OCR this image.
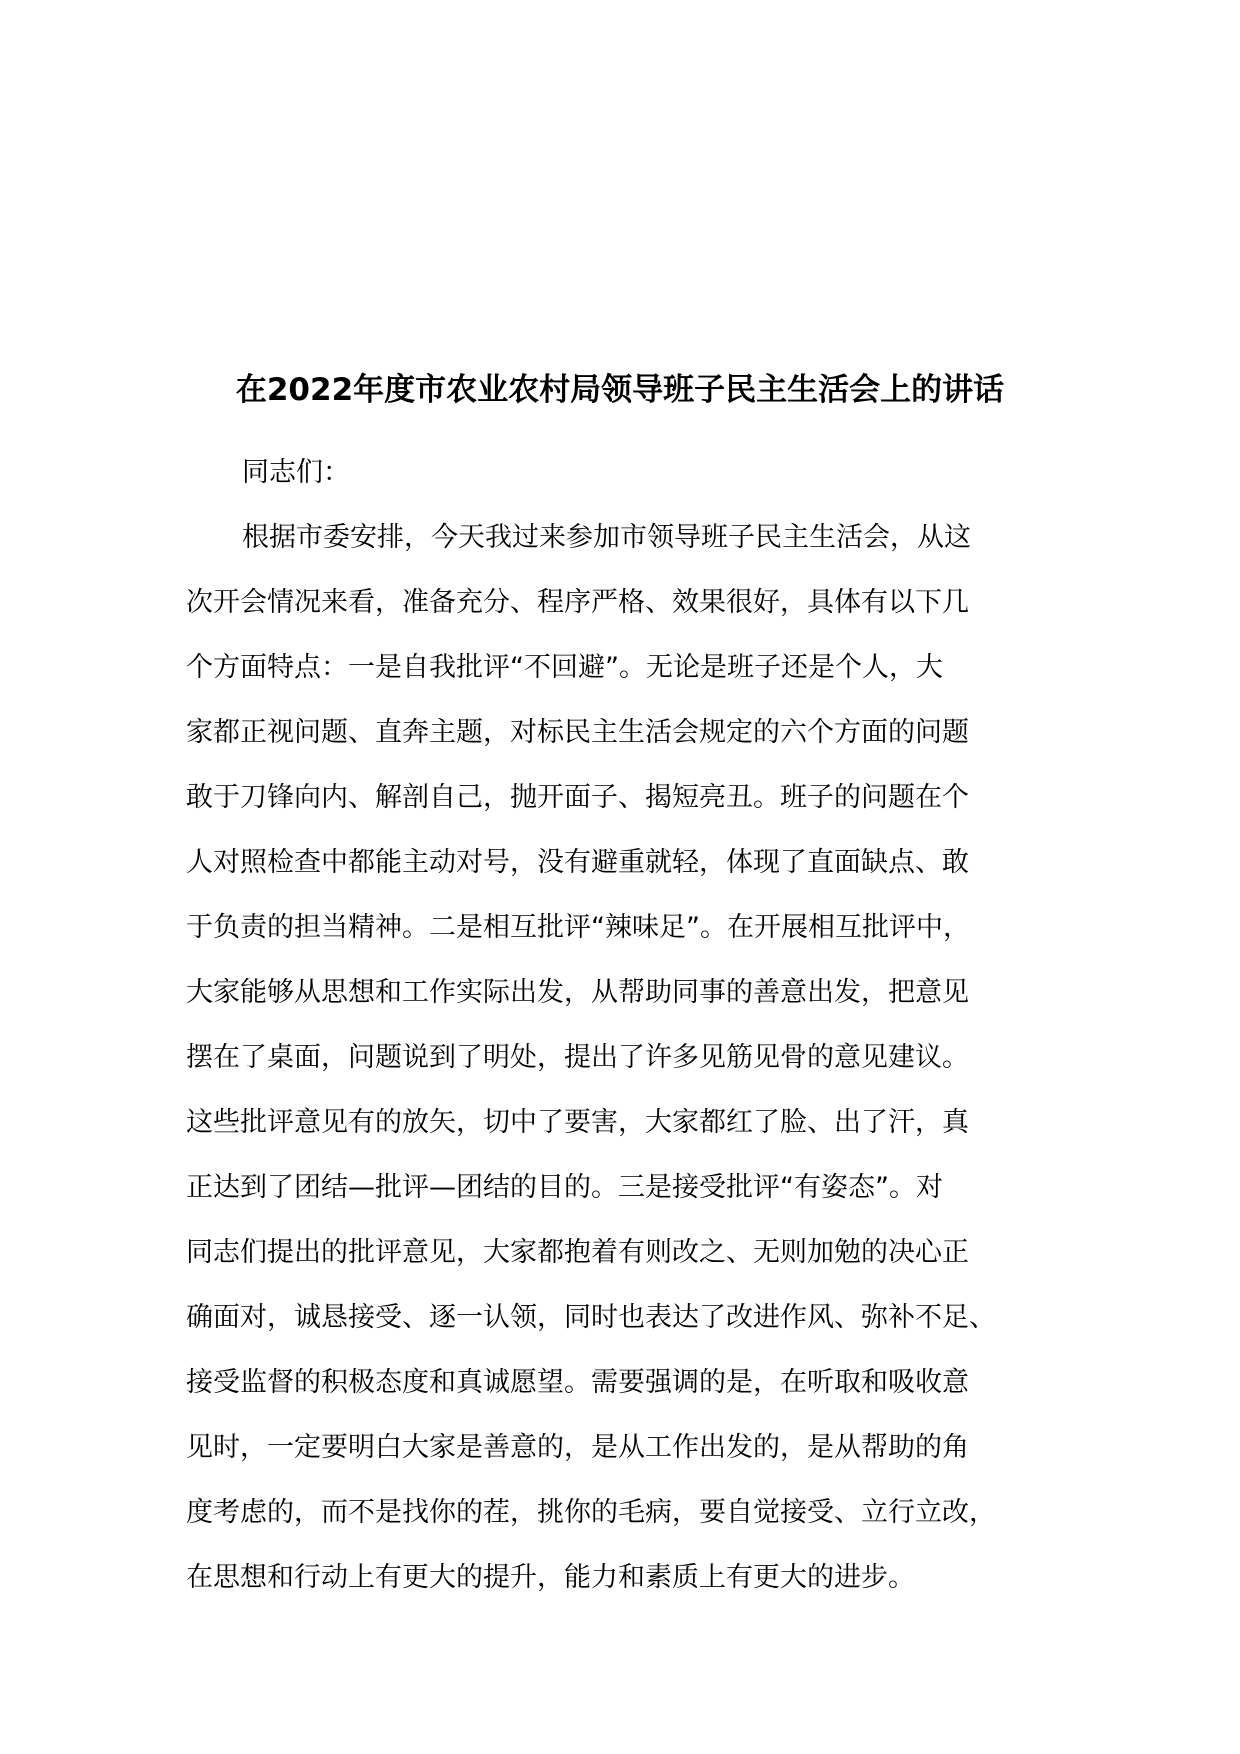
在2022年度市农业农村局领导班子民主生活会上的讲话
同志们：
根据市委安排，今天我过来参加市领导班子民主生活会，从这
次开会情况来看，准备充分、程序严格、效果很好，具体有以下几
个方面特点：一是自我批评“不回避”。无论是班子还是个人，大
家都正视问题、直奔主题，对标民主生活会规定的六个方面的问题
敢于刀锋向内、解剖自己，抛开面子、揭短亮丑。班子的问题在个
人对照检查中都能主动对号，没有避重就轻，体现了直面缺点、敢
于负责的担当精神。二是相互批评“辣味足”。在开展相互批评中，
大家能够从思想和工作实际出发，从帮助同事的善意出发，把意见
摆在了桌面，问题说到了明处，提出了许多见筋见骨的意见建议。
这些批评意见有的放矢，切中了要害，大家都红了脸、出了汗，真
正达到了团结—批评—团结的目的。三是接受批评“有姿态”。对
同志们提出的批评意见，大家都抱着有则改之、无则加勉的决心正
确面对，诚恳接受、逐一认领，同时也表达了改进作风、弥补不足、
接受监督的积极态度和真诚愿望。需要强调的是，在听取和吸收意
见时，一定要明白大家是善意的，是从工作出发的，是从帮助的角
度考虑的，而不是找你的茬，挑你的毛病，要自觉接受、立行立改，
在思想和行动上有更大的提升，能力和素质上有更大的进步。
